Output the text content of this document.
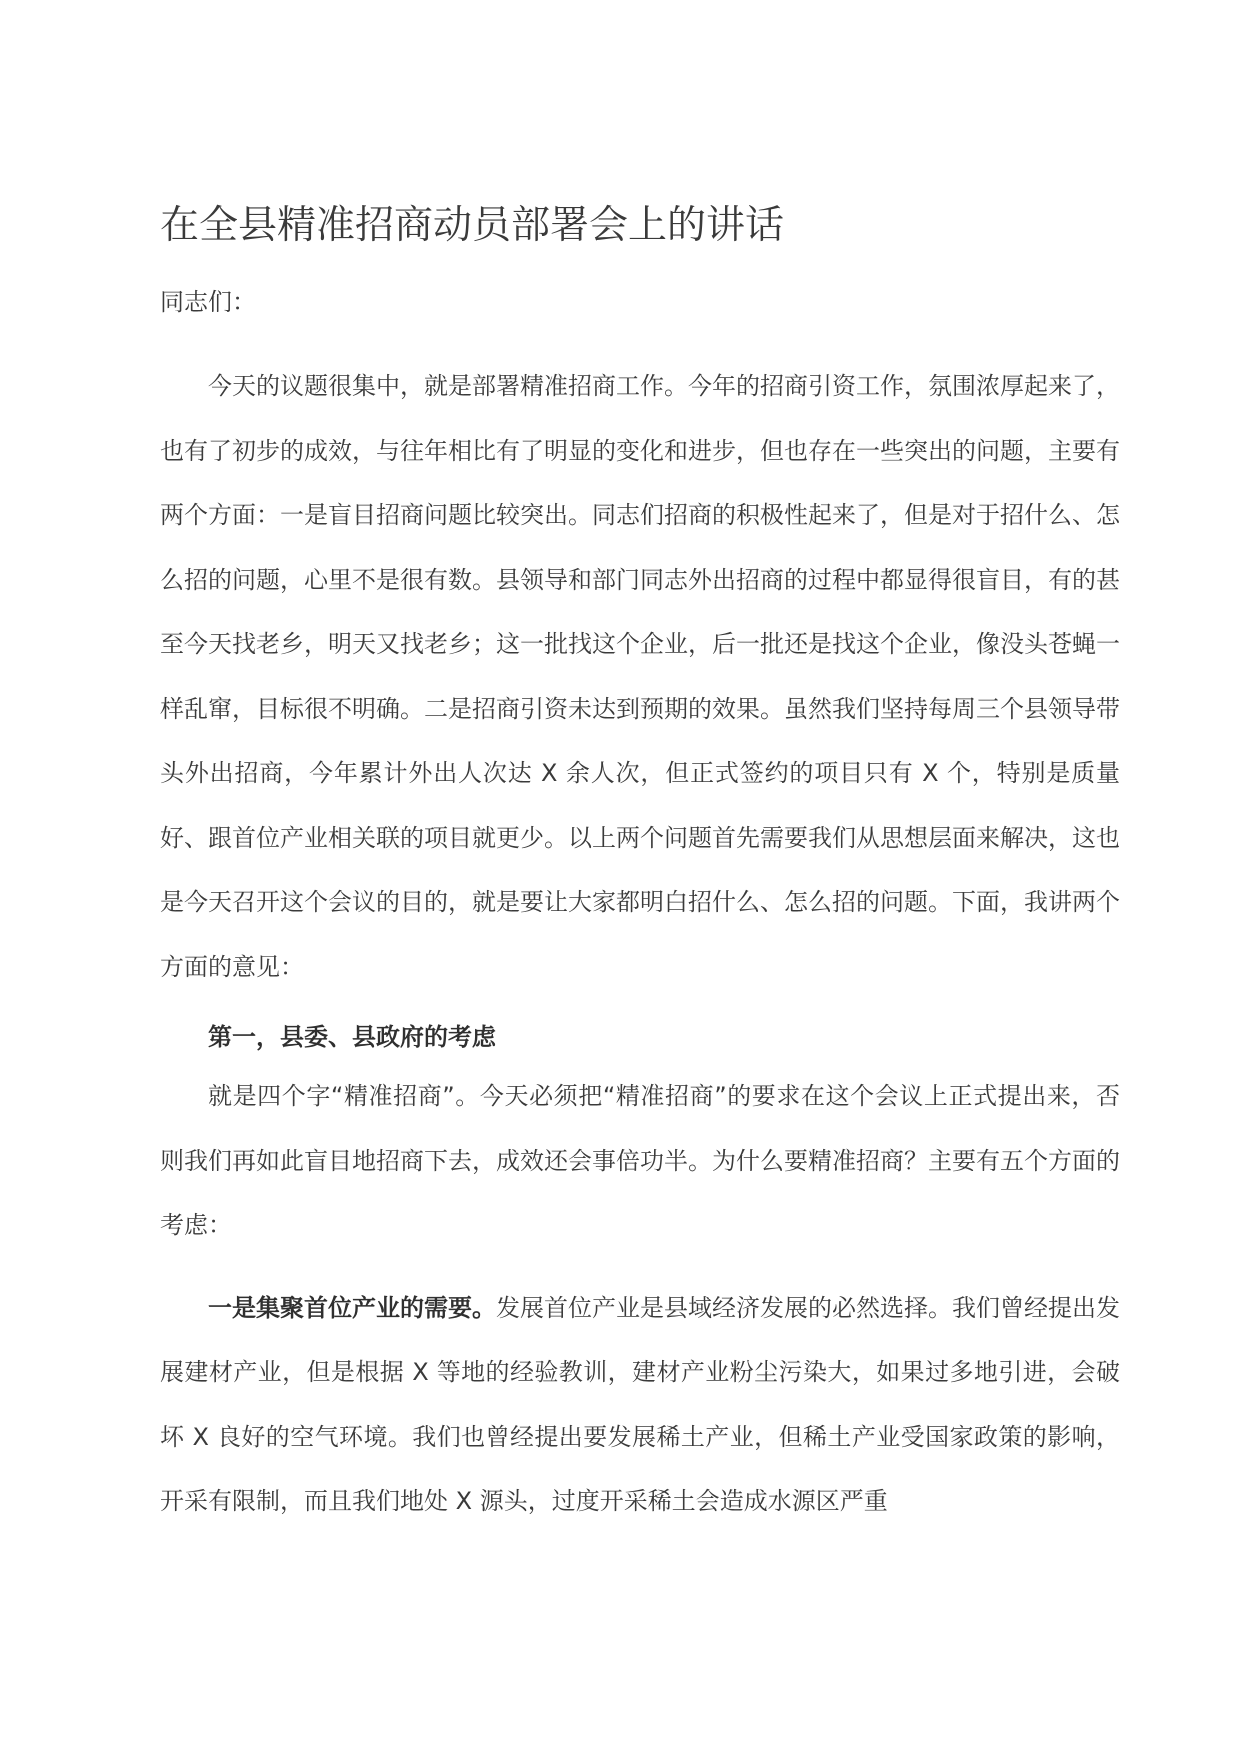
在全县精准招商动员部署会上的讲话

同志们：

今天的议题很集中，就是部署精准招商工作。今年的招商引资工作，氛围浓厚起来了，也有了初步的成效，与往年相比有了明显的变化和进步，但也存在一些突出的问题，主要有两个方面：一是盲目招商问题比较突出。同志们招商的积极性起来了，但是对于招什么、怎么招的问题，心里不是很有数。县领导和部门同志外出招商的过程中都显得很盲目，有的甚至今天找老乡，明天又找老乡；这一批找这个企业，后一批还是找这个企业，像没头苍蝇一样乱窜，目标很不明确。二是招商引资未达到预期的效果。虽然我们坚持每周三个县领导带头外出招商，今年累计外出人次达 X 余人次，但正式签约的项目只有 X 个，特别是质量好、跟首位产业相关联的项目就更少。以上两个问题首先需要我们从思想层面来解决，这也是今天召开这个会议的目的，就是要让大家都明白招什么、怎么招的问题。下面，我讲两个方面的意见：

第一，县委、县政府的考虑

就是四个字“精准招商”。今天必须把“精准招商”的要求在这个会议上正式提出来，否则我们再如此盲目地招商下去，成效还会事倍功半。为什么要精准招商？主要有五个方面的考虑：

一是集聚首位产业的需要。发展首位产业是县域经济发展的必然选择。我们曾经提出发展建材产业，但是根据 X 等地的经验教训，建材产业粉尘污染大，如果过多地引进，会破坏 X 良好的空气环境。我们也曾经提出要发展稀土产业，但稀土产业受国家政策的影响，开采有限制，而且我们地处 X 源头，过度开采稀土会造成水源区严重
